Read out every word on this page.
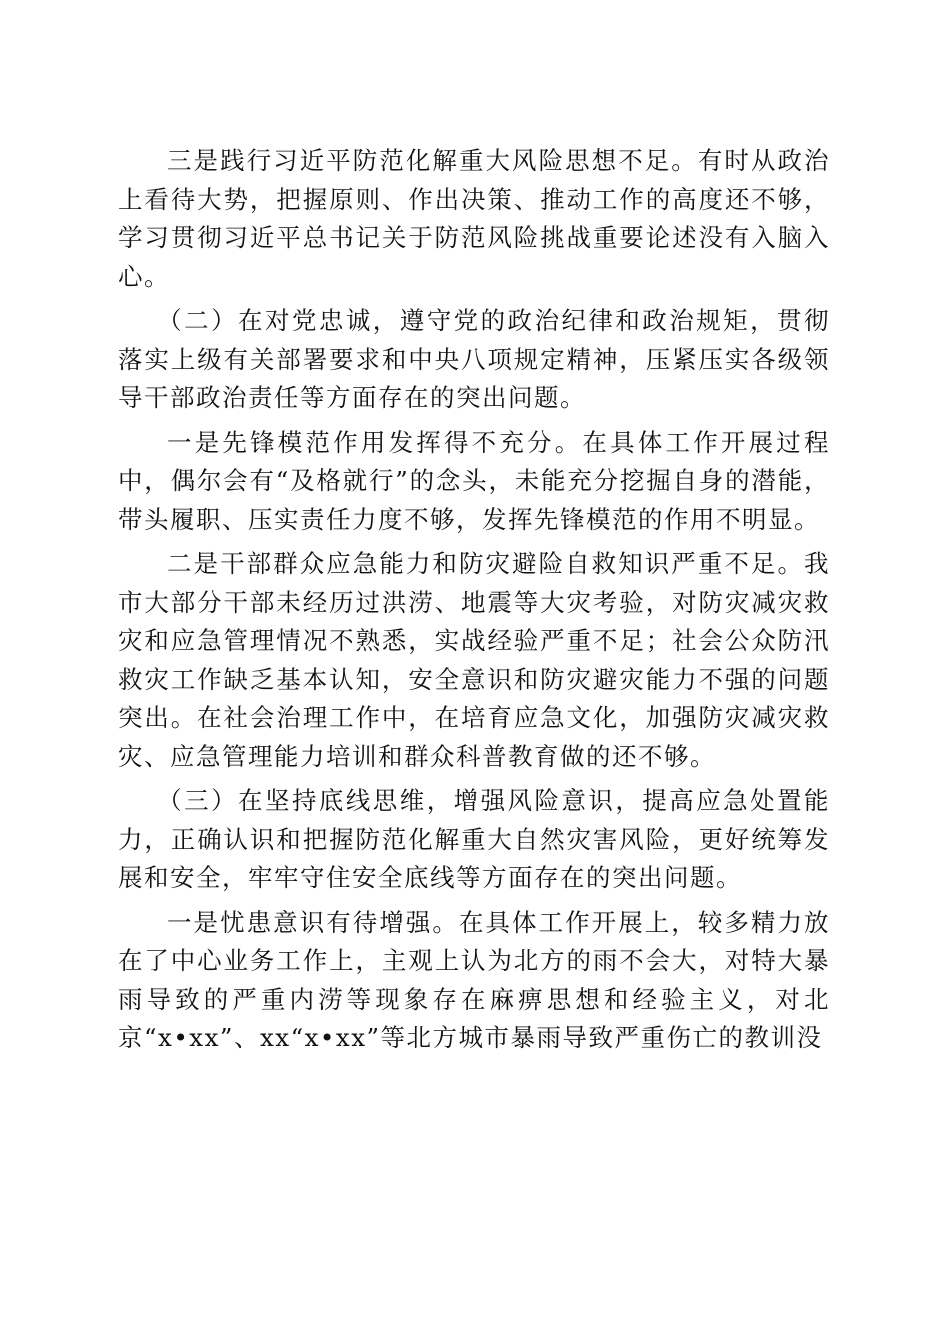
三是践行习近平防范化解重大风险思想不足。有时从政治上看待大势，把握原则、作出决策、推动工作的高度还不够，学习贯彻习近平总书记关于防范风险挑战重要论述没有入脑入心。

（二）在对党忠诚，遵守党的政治纪律和政治规矩，贯彻落实上级有关部署要求和中央八项规定精神，压紧压实各级领导干部政治责任等方面存在的突出问题。

一是先锋模范作用发挥得不充分。在具体工作开展过程中，偶尔会有“及格就行”的念头，未能充分挖掘自身的潜能，带头履职、压实责任力度不够，发挥先锋模范的作用不明显。

二是干部群众应急能力和防灾避险自救知识严重不足。我市大部分干部未经历过洪涝、地震等大灾考验，对防灾减灾救灾和应急管理情况不熟悉，实战经验严重不足；社会公众防汛救灾工作缺乏基本认知，安全意识和防灾避灾能力不强的问题突出。在社会治理工作中，在培育应急文化，加强防灾减灾救灾、应急管理能力培训和群众科普教育做的还不够。

（三）在坚持底线思维，增强风险意识，提高应急处置能力，正确认识和把握防范化解重大自然灾害风险，更好统筹发展和安全，牢牢守住安全底线等方面存在的突出问题。

一是忧患意识有待增强。在具体工作开展上，较多精力放在了中心业务工作上，主观上认为北方的雨不会大，对特大暴雨导致的严重内涝等现象存在麻痹思想和经验主义，对北京“x•xx”、xx“x•xx”等北方城市暴雨导致严重伤亡的教训没
